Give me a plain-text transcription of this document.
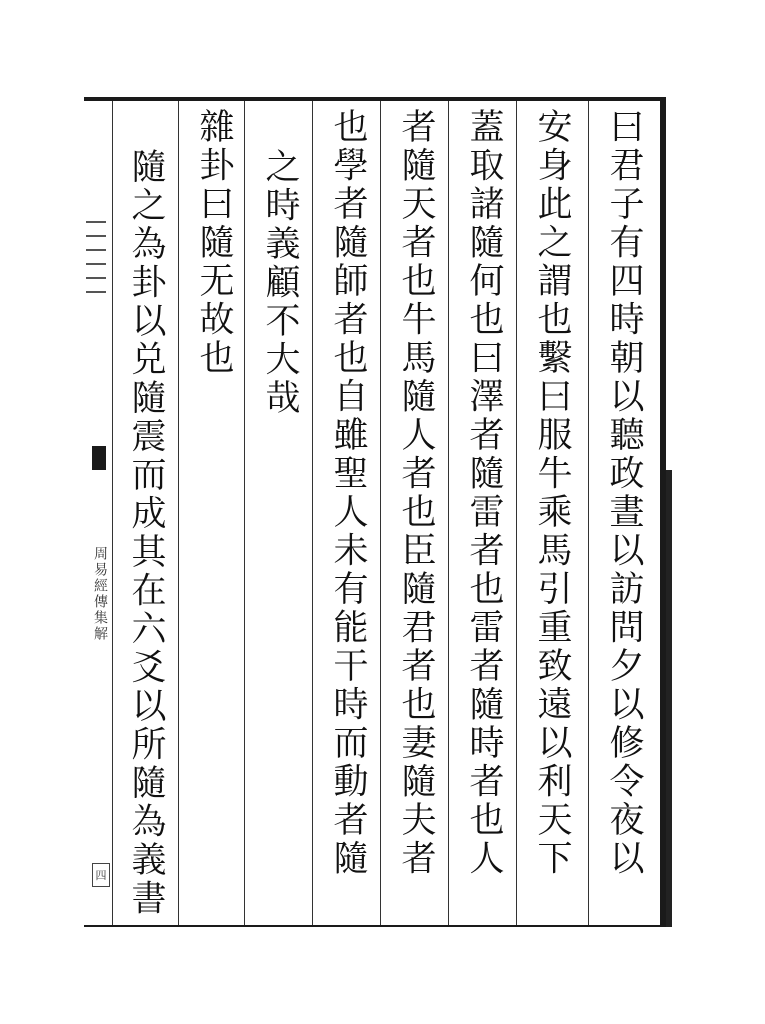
曰君子有四時朝以聽政晝以訪問夕以修令夜以
安身此之謂也繫曰服牛乘馬引重致遠以利天下
蓋取諸隨何也曰澤者隨雷者也雷者隨時者也人
者隨天者也牛馬隨人者也臣隨君者也妻隨夫者
也學者隨師者也自雖聖人未有能干時而動者隨
之時義顧不大哉
雜卦曰隨无故也
隨之為卦以兑隨震而成其在六爻以所隨為義書
周易經傳集解
四
